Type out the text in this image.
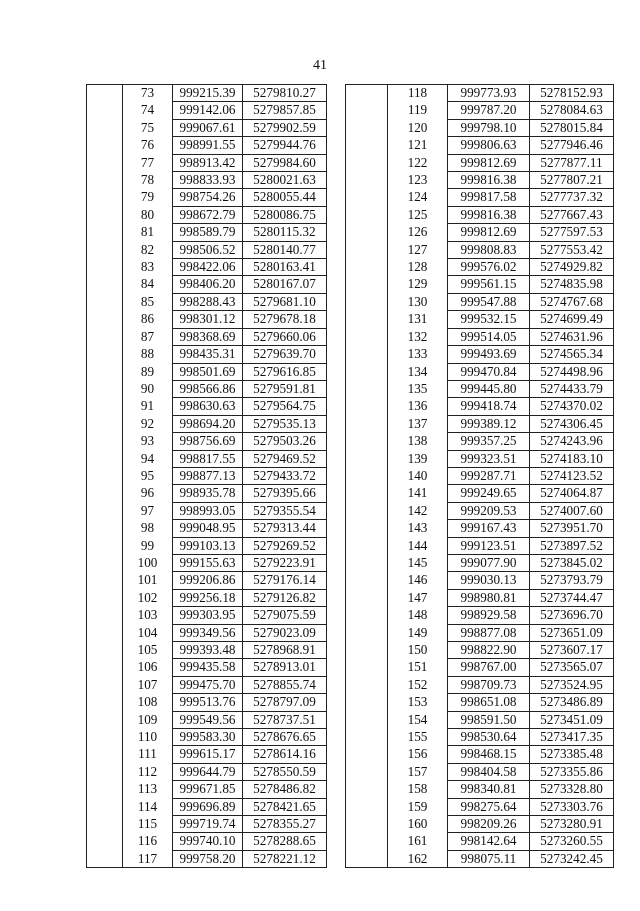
41
	73	999215.39	5279810.27
	74	999142.06	5279857.85
	75	999067.61	5279902.59
	76	998991.55	5279944.76
	77	998913.42	5279984.60
	78	998833.93	5280021.63
	79	998754.26	5280055.44
	80	998672.79	5280086.75
	81	998589.79	5280115.32
	82	998506.52	5280140.77
	83	998422.06	5280163.41
	84	998406.20	5280167.07
	85	998288.43	5279681.10
	86	998301.12	5279678.18
	87	998368.69	5279660.06
	88	998435.31	5279639.70
	89	998501.69	5279616.85
	90	998566.86	5279591.81
	91	998630.63	5279564.75
	92	998694.20	5279535.13
	93	998756.69	5279503.26
	94	998817.55	5279469.52
	95	998877.13	5279433.72
	96	998935.78	5279395.66
	97	998993.05	5279355.54
	98	999048.95	5279313.44
	99	999103.13	5279269.52
	100	999155.63	5279223.91
	101	999206.86	5279176.14
	102	999256.18	5279126.82
	103	999303.95	5279075.59
	104	999349.56	5279023.09
	105	999393.48	5278968.91
	106	999435.58	5278913.01
	107	999475.70	5278855.74
	108	999513.76	5278797.09
	109	999549.56	5278737.51
	110	999583.30	5278676.65
	111	999615.17	5278614.16
	112	999644.79	5278550.59
	113	999671.85	5278486.82
	114	999696.89	5278421.65
	115	999719.74	5278355.27
	116	999740.10	5278288.65
	117	999758.20	5278221.12
	118	999773.93	5278152.93
	119	999787.20	5278084.63
	120	999798.10	5278015.84
	121	999806.63	5277946.46
	122	999812.69	5277877.11
	123	999816.38	5277807.21
	124	999817.58	5277737.32
	125	999816.38	5277667.43
	126	999812.69	5277597.53
	127	999808.83	5277553.42
	128	999576.02	5274929.82
	129	999561.15	5274835.98
	130	999547.88	5274767.68
	131	999532.15	5274699.49
	132	999514.05	5274631.96
	133	999493.69	5274565.34
	134	999470.84	5274498.96
	135	999445.80	5274433.79
	136	999418.74	5274370.02
	137	999389.12	5274306.45
	138	999357.25	5274243.96
	139	999323.51	5274183.10
	140	999287.71	5274123.52
	141	999249.65	5274064.87
	142	999209.53	5274007.60
	143	999167.43	5273951.70
	144	999123.51	5273897.52
	145	999077.90	5273845.02
	146	999030.13	5273793.79
	147	998980.81	5273744.47
	148	998929.58	5273696.70
	149	998877.08	5273651.09
	150	998822.90	5273607.17
	151	998767.00	5273565.07
	152	998709.73	5273524.95
	153	998651.08	5273486.89
	154	998591.50	5273451.09
	155	998530.64	5273417.35
	156	998468.15	5273385.48
	157	998404.58	5273355.86
	158	998340.81	5273328.80
	159	998275.64	5273303.76
	160	998209.26	5273280.91
	161	998142.64	5273260.55
	162	998075.11	5273242.45
